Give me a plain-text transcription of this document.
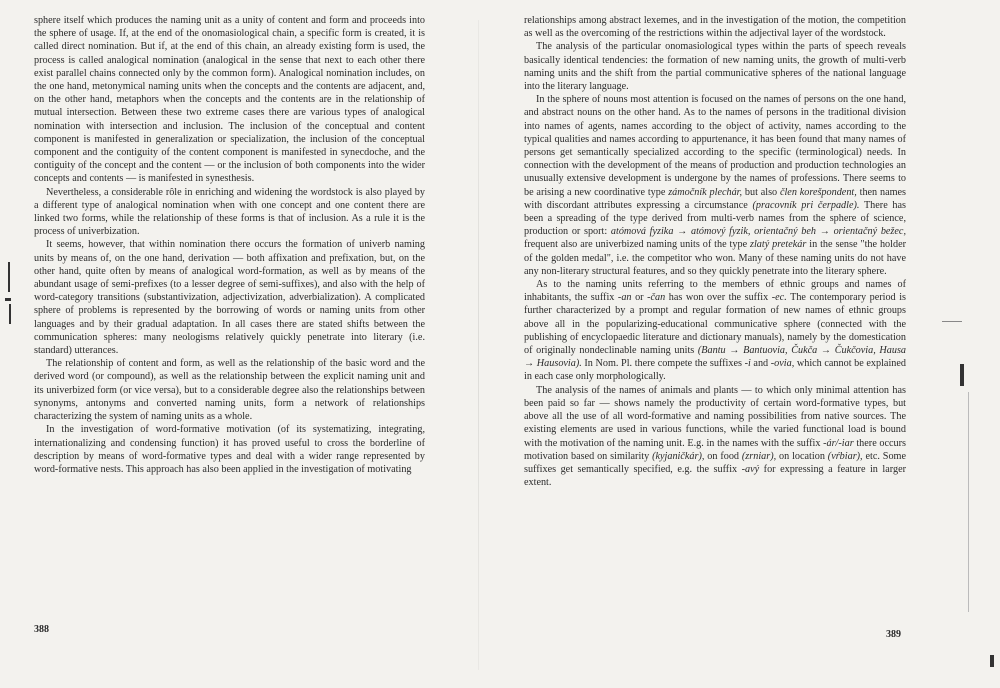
sphere itself which produces the naming unit as a unity of content and form and proceeds into the sphere of usage. If, at the end of the onomasiological chain, a specific form is created, it is called direct nomination. But if, at the end of this chain, an already existing form is used, the process is called analogical nomination (analogical in the sense that next to each other there exist parallel chains connected only by the common form). Analogical nomination includes, on the one hand, metonymical naming units when the concepts and the contents are adjacent, and, on the other hand, metaphors when the concepts and the contents are in the relationship of mutual intersection. Between these two extreme cases there are various types of analogical nomination with intersection and inclusion. The inclusion of the conceptual and content component is manifested in generalization or specialization, the inclusion of the conceptual component and the contiguity of the content component is manifested in synecdoche, and the contiguity of the concept and the content — or the inclusion of both components into the wider concepts and contents — is manifested in synesthesis.

Nevertheless, a considerable rôle in enriching and widening the wordstock is also played by a different type of analogical nomination when with one concept and one content there are linked two forms, while the relationship of these forms is that of inclusion. As a rule it is the process of univerbization.

It seems, however, that within nomination there occurs the formation of univerb naming units by means of, on the one hand, derivation — both affixation and prefixation, but, on the other hand, quite often by means of analogical word-formation, as well as by means of the abundant usage of semi-prefixes (to a lesser degree of semi-suffixes), and also with the help of word-category transitions (substantivization, adjectivization, adverbialization). A complicated sphere of problems is represented by the borrowing of words or naming units from other languages and by their gradual adaptation. In all cases there are stated shifts between the communication spheres: many neologisms relatively quickly penetrate into literary (i.e. standard) utterances.

The relationship of content and form, as well as the relationship of the basic word and the derived word (or compound), as well as the relationship between the explicit naming unit and its univerbized form (or vice versa), but to a considerable degree also the relationships between synonyms, antonyms and converted naming units, form a network of relationships characterizing the system of naming units as a whole.

In the investigation of word-formative motivation (of its systematizing, integrating, internationalizing and condensing function) it has proved useful to cross the borderline of description by means of word-formative types and deal with a wider range represented by word-formative nests. This approach has also been applied in the investigation of motivating

388

relationships among abstract lexemes, and in the investigation of the motion, the competition as well as the overcoming of the restrictions within the adjectival layer of the wordstock.

The analysis of the particular onomasiological types within the parts of speech reveals basically identical tendencies: the formation of new naming units, the growth of multi-verb naming units and the shift from the partial communicative spheres of the national language into the literary language.

In the sphere of nouns most attention is focused on the names of persons on the one hand, and abstract nouns on the other hand. As to the names of persons in the traditional division into names of agents, names according to the object of activity, names according to the typical qualities and names according to appurtenance, it has been found that many names of persons get semantically specialized according to the specific (terminological) needs. In connection with the development of the means of production and production technologies an unusually extensive development is undergone by the names of professions. There seems to be arising a new coordinative type zámočník plechár, but also člen korešpondent, then names with discordant attributes expressing a circumstance (pracovník pri čerpadle). There has been a spreading of the type derived from multi-verb names from the sphere of science, production or sport: atómová fyzika → atómový fyzik, orientačný beh → orientačný bežec, frequent also are univerbized naming units of the type zlatý pretekár in the sense "the holder of the golden medal", i.e. the competitor who won. Many of these naming units do not have any non-literary structural features, and so they quickly penetrate into the literary sphere.

As to the naming units referring to the members of ethnic groups and names of inhabitants, the suffix -an or -čan has won over the suffix -ec. The contemporary period is further characterized by a prompt and regular formation of new names of ethnic groups above all in the popularizing-educational communicative sphere (connected with the publishing of encyclopaedic literature and dictionary manuals), namely by the domestication of originally nondeclinable naming units (Bantu → Bantuovia, Čukča → Čukčovia, Hausa → Hausovia). In Nom. Pl. there compete the suffixes -i and -ovia, which cannot be explained in each case only morphologically.

The analysis of the names of animals and plants — to which only minimal attention has been paid so far — shows namely the productivity of certain word-formative types, but above all the use of all word-formative and naming possibilities from native sources. The existing elements are used in various functions, while the varied functional load is bound with the motivation of the naming unit. E.g. in the names with the suffix -ár/-iar there occurs motivation based on similarity (kyjaničkár), on food (zrniar), on location (vŕbiar), etc. Some suffixes get semantically specified, e.g. the suffix -avý for expressing a feature in larger extent.

389
